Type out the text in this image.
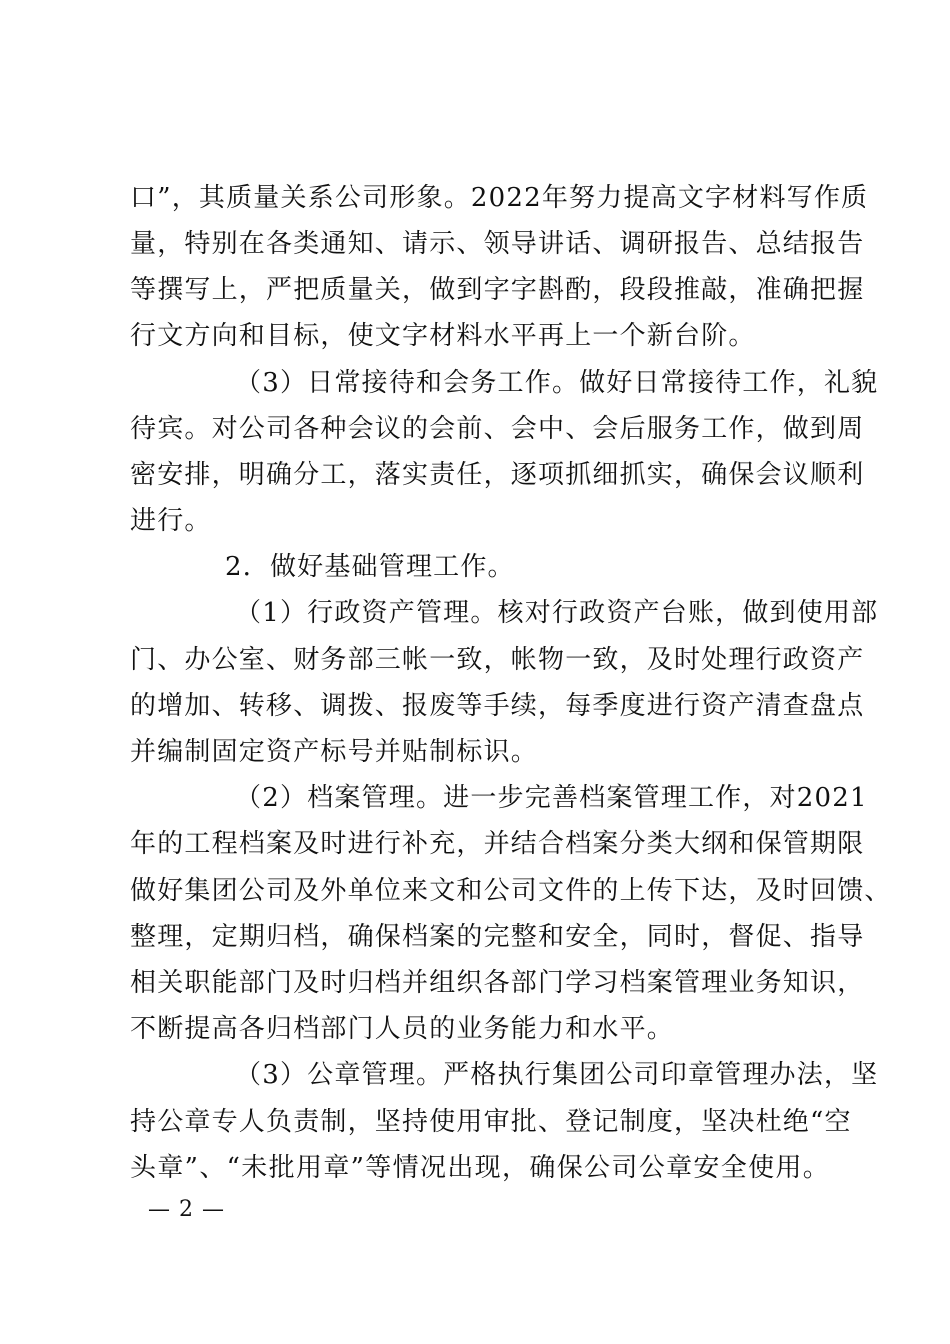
口”，其质量关系公司形象。2022年努力提高文字材料写作质
量，特别在各类通知、请示、领导讲话、调研报告、总结报告
等撰写上，严把质量关，做到字字斟酌，段段推敲，准确把握
行文方向和目标，使文字材料水平再上一个新台阶。
（3）日常接待和会务工作。做好日常接待工作，礼貌
待宾。对公司各种会议的会前、会中、会后服务工作，做到周
密安排，明确分工，落实责任，逐项抓细抓实，确保会议顺利
进行。
2．做好基础管理工作。
（1）行政资产管理。核对行政资产台账，做到使用部
门、办公室、财务部三帐一致，帐物一致，及时处理行政资产
的增加、转移、调拨、报废等手续，每季度进行资产清查盘点
并编制固定资产标号并贴制标识。
（2）档案管理。进一步完善档案管理工作，对2021
年的工程档案及时进行补充，并结合档案分类大纲和保管期限
做好集团公司及外单位来文和公司文件的上传下达，及时回馈、
整理，定期归档，确保档案的完整和安全，同时，督促、指导
相关职能部门及时归档并组织各部门学习档案管理业务知识，
不断提高各归档部门人员的业务能力和水平。
（3）公章管理。严格执行集团公司印章管理办法，坚
持公章专人负责制，坚持使用审批、登记制度，坚决杜绝“空
头章”、“未批用章”等情况出现，确保公司公章安全使用。
— 2 —
